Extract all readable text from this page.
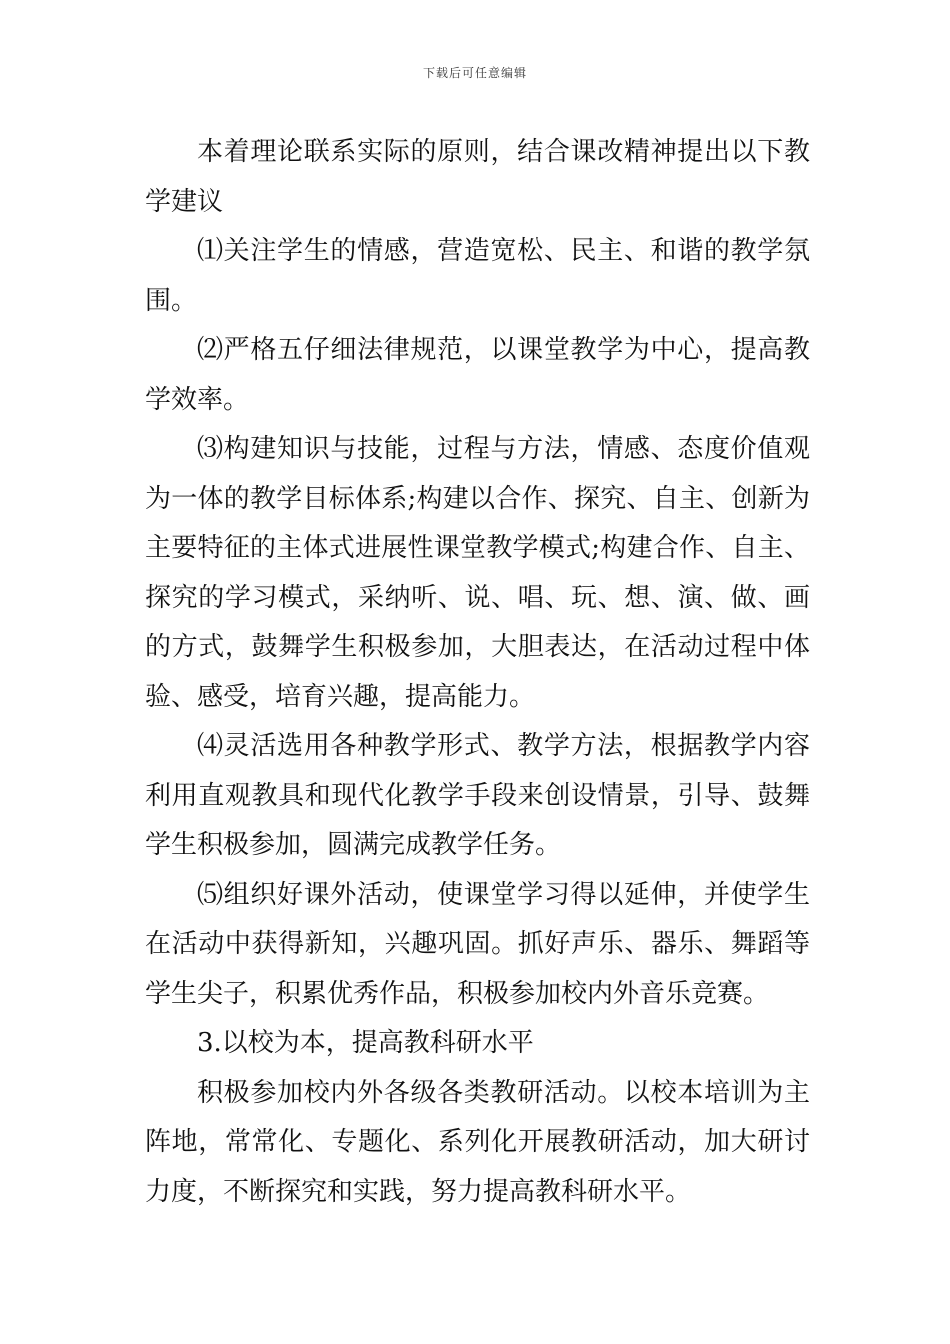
下载后可任意编辑

本着理论联系实际的原则，结合课改精神提出以下教学建议

⑴关注学生的情感，营造宽松、民主、和谐的教学氛围。

⑵严格五仔细法律规范，以课堂教学为中心，提高教学效率。

⑶构建知识与技能，过程与方法，情感、态度价值观为一体的教学目标体系;构建以合作、探究、自主、创新为主要特征的主体式进展性课堂教学模式;构建合作、自主、探究的学习模式，采纳听、说、唱、玩、想、演、做、画的方式，鼓舞学生积极参加，大胆表达，在活动过程中体验、感受，培育兴趣，提高能力。

⑷灵活选用各种教学形式、教学方法，根据教学内容利用直观教具和现代化教学手段来创设情景，引导、鼓舞学生积极参加，圆满完成教学任务。

⑸组织好课外活动，使课堂学习得以延伸，并使学生在活动中获得新知，兴趣巩固。抓好声乐、器乐、舞蹈等学生尖子，积累优秀作品，积极参加校内外音乐竞赛。

3.以校为本，提高教科研水平

积极参加校内外各级各类教研活动。以校本培训为主阵地，常常化、专题化、系列化开展教研活动，加大研讨力度，不断探究和实践，努力提高教科研水平。
